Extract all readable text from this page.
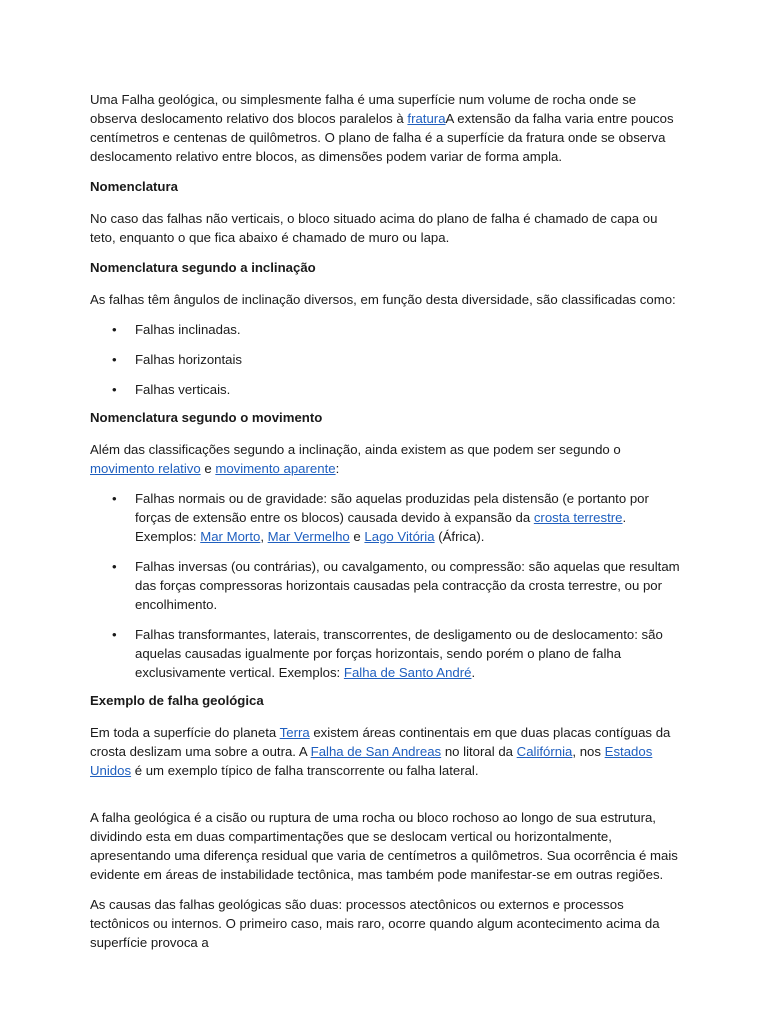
Uma Falha geológica, ou simplesmente falha é uma superfície num volume de rocha onde se observa deslocamento relativo dos blocos paralelos à fraturaA extensão da falha varia entre poucos centímetros e centenas de quilômetros. O plano de falha é a superfície da fratura onde se observa deslocamento relativo entre blocos, as dimensões podem variar de forma ampla.

Nomenclatura

No caso das falhas não verticais, o bloco situado acima do plano de falha é chamado de capa ou teto, enquanto o que fica abaixo é chamado de muro ou lapa.

Nomenclatura segundo a inclinação

As falhas têm ângulos de inclinação diversos, em função desta diversidade, são classificadas como:

• Falhas inclinadas.
• Falhas horizontais
• Falhas verticais.

Nomenclatura segundo o movimento

Além das classificações segundo a inclinação, ainda existem as que podem ser segundo o movimento relativo e movimento aparente:

• Falhas normais ou de gravidade: são aquelas produzidas pela distensão (e portanto por forças de extensão entre os blocos) causada devido à expansão da crosta terrestre. Exemplos: Mar Morto, Mar Vermelho e Lago Vitória (África).
• Falhas inversas (ou contrárias), ou cavalgamento, ou compressão: são aquelas que resultam das forças compressoras horizontais causadas pela contracção da crosta terrestre, ou por encolhimento.
• Falhas transformantes, laterais, transcorrentes, de desligamento ou de deslocamento: são aquelas causadas igualmente por forças horizontais, sendo porém o plano de falha exclusivamente vertical. Exemplos: Falha de Santo André.

Exemplo de falha geológica

Em toda a superfície do planeta Terra existem áreas continentais em que duas placas contíguas da crosta deslizam uma sobre a outra. A Falha de San Andreas no litoral da Califórnia, nos Estados Unidos é um exemplo típico de falha transcorrente ou falha lateral.

A falha geológica é a cisão ou ruptura de uma rocha ou bloco rochoso ao longo de sua estrutura, dividindo esta em duas compartimentações que se deslocam vertical ou horizontalmente, apresentando uma diferença residual que varia de centímetros a quilômetros. Sua ocorrência é mais evidente em áreas de instabilidade tectônica, mas também pode manifestar-se em outras regiões.

As causas das falhas geológicas são duas: processos atectônicos ou externos e processos tectônicos ou internos. O primeiro caso, mais raro, ocorre quando algum acontecimento acima da superfície provoca a
